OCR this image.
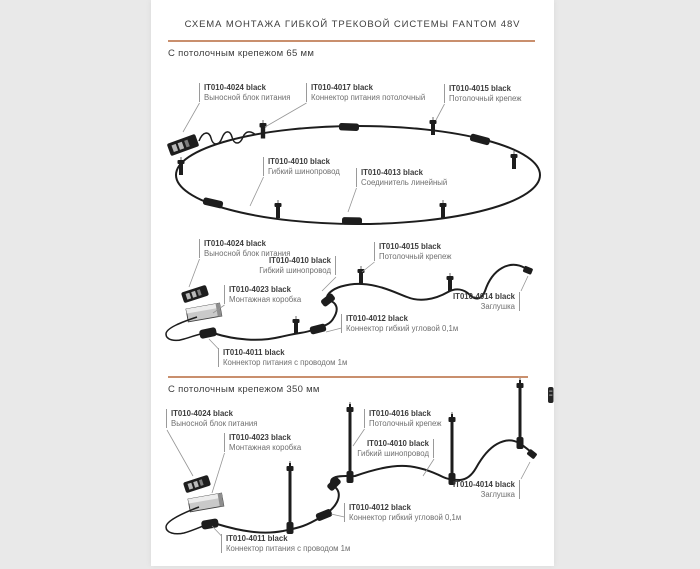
СХЕМА МОНТАЖА ГИБКОЙ ТРЕКОВОЙ СИСТЕМЫ FANTOM 48V
С потолочным крепежом 65 мм
С потолочным крепежом 350 мм
IT010-4024 black
Выносной блок питания
IT010-4017 black
Коннектор питания потолочный
IT010-4015 black
Потолочный крепеж
IT010-4010 black
Гибкий шинопровод	IT010-4013 black
Соединитель линейный
IT010-4024 black
Выносной блок питания
IT010-4010 black
Гибкий шинопровод
IT010-4023 black
Монтажная коробка
IT010-4015 black
Потолочный крепеж
IT010-4014 black
Заглушка
IT010-4012 black
Коннектор гибкий угловой 0,1м
IT010-4011 black
Коннектор питания с проводом 1м
IT010-4024 black
Выносной блок питания
IT010-4023 black
Монтажная коробка
IT010-4016 black
Потолочный крепеж
IT010-4010 black
Гибкий шинопровод
IT010-4014 black
Заглушка
IT010-4012 black
Коннектор гибкий угловой 0,1м
IT010-4011 black
Коннектор питания с проводом 1м
